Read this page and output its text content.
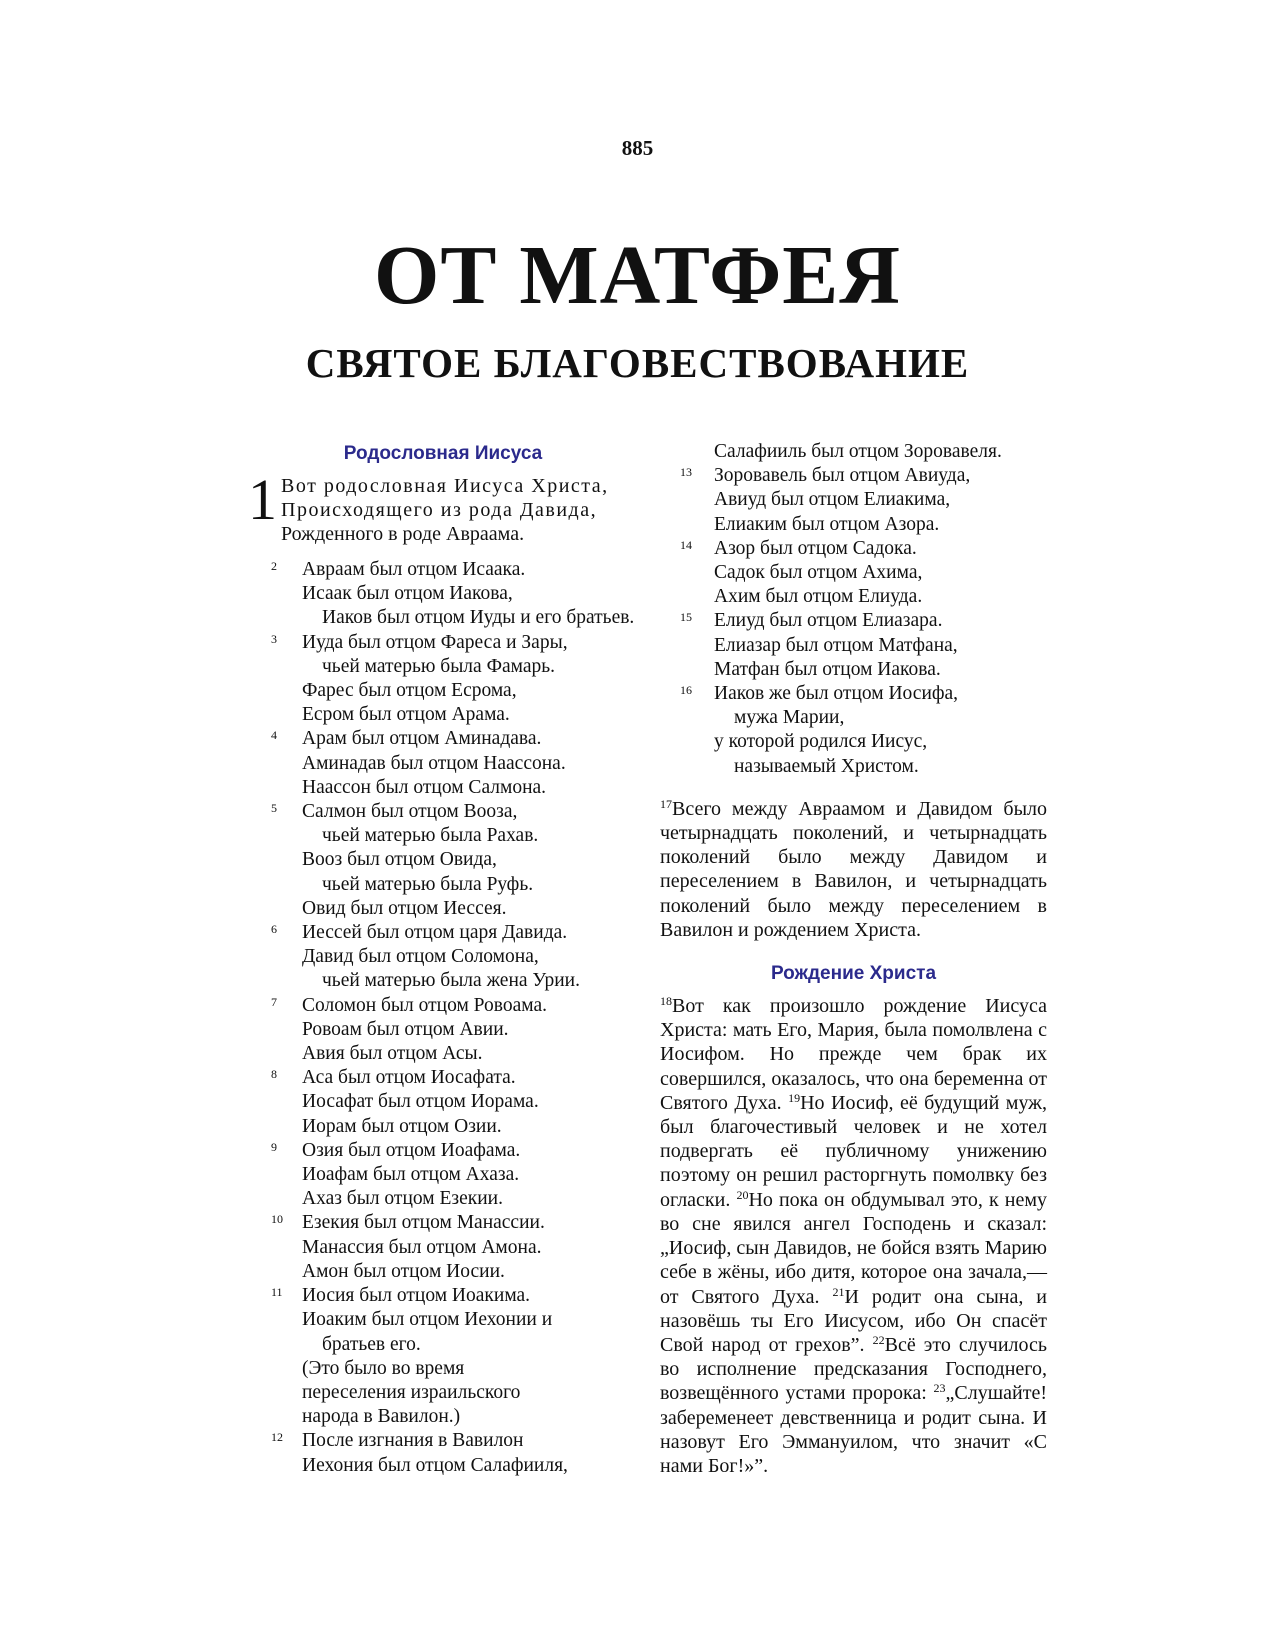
885
ОТ МАТФЕЯ
СВЯТОЕ БЛАГОВЕСТВОВАНИЕ
Родословная Иисуса
1 Вот родословная Иисуса Христа,
Происходящего из рода Давида,
Рожденного в роде Авраама.
2 Авраам был отцом Исаака.
Исаак был отцом Иакова,
Иаков был отцом Иуды и его братьев.
3 Иуда был отцом Фареса и Зары,
чьей матерью была Фамарь.
Фарес был отцом Есрома,
Есром был отцом Арама.
4 Арам был отцом Аминадава.
Аминадав был отцом Наассона.
Наассон был отцом Салмона.
5 Салмон был отцом Вооза,
чьей матерью была Рахав.
Вооз был отцом Овида,
чьей матерью была Руфь.
Овид был отцом Иессея.
6 Иессей был отцом царя Давида.
Давид был отцом Соломона,
чьей матерью была жена Урии.
7 Соломон был отцом Ровоама.
Ровоам был отцом Авии.
Авия был отцом Асы.
8 Аса был отцом Иосафата.
Иосафат был отцом Иорама.
Иорам был отцом Озии.
9 Озия был отцом Иоафама.
Иоафам был отцом Ахаза.
Ахаз был отцом Езекии.
10 Езекия был отцом Манассии.
Манассия был отцом Амона.
Амон был отцом Иосии.
11 Иосия был отцом Иоакима.
Иоаким был отцом Иехонии и
братьев его.
(Это было во время
переселения израильского
народа в Вавилон.)
12 После изгнания в Вавилон
Иехония был отцом Салафииля,
Салафииль был отцом Зоровавеля.
13 Зоровавель был отцом Авиуда,
Авиуд был отцом Елиакима,
Елиаким был отцом Азора.
14 Азор был отцом Садока.
Садок был отцом Ахима,
Ахим был отцом Елиуда.
15 Елиуд был отцом Елиазара.
Елиазар был отцом Матфана,
Матфан был отцом Иакова.
16 Иаков же был отцом Иосифа,
мужа Марии,
у которой родился Иисус,
называемый Христом.
$^{17}$Всего между Авраамом и Давидом было
четырнадцать поколений, и четырнадцать
поколений было между Давидом и
переселением в Вавилон, и четырнадцать
поколений было между переселением в
Вавилон и рождением Христа.
Рождение Христа
$^{18}$Вот как произошло рождение Иисуса
Христа: мать Его, Мария, была помолвлена с
Иосифом. Но прежде чем брак их
совершился, оказалось, что она беременна от
Святого Духа. $^{19}$Но Иосиф, её будущий муж,
был благочестивый человек и не хотел
подвергать её публичному унижению
поэтому он решил расторгнуть помолвку без
огласки. $^{20}$Но пока он обдумывал это, к нему
во сне явился ангел Господень и сказал:
„Иосиф, сын Давидов, не бойся взять Марию
себе в жёны, ибо дитя, которое она зачала,—
от Святого Духа. $^{21}$И родит она сына, и
назовёшь ты Его Иисусом, ибо Он спасёт
Свой народ от грехов”. $^{22}$Всё это случилось
во исполнение предсказания Господнего,
возвещённого устами пророка: $^{23}$„Слушайте!
забеременеет девственница и родит сына. И
назовут Его Эммануилом, что значит «С
нами Бог!»”.
